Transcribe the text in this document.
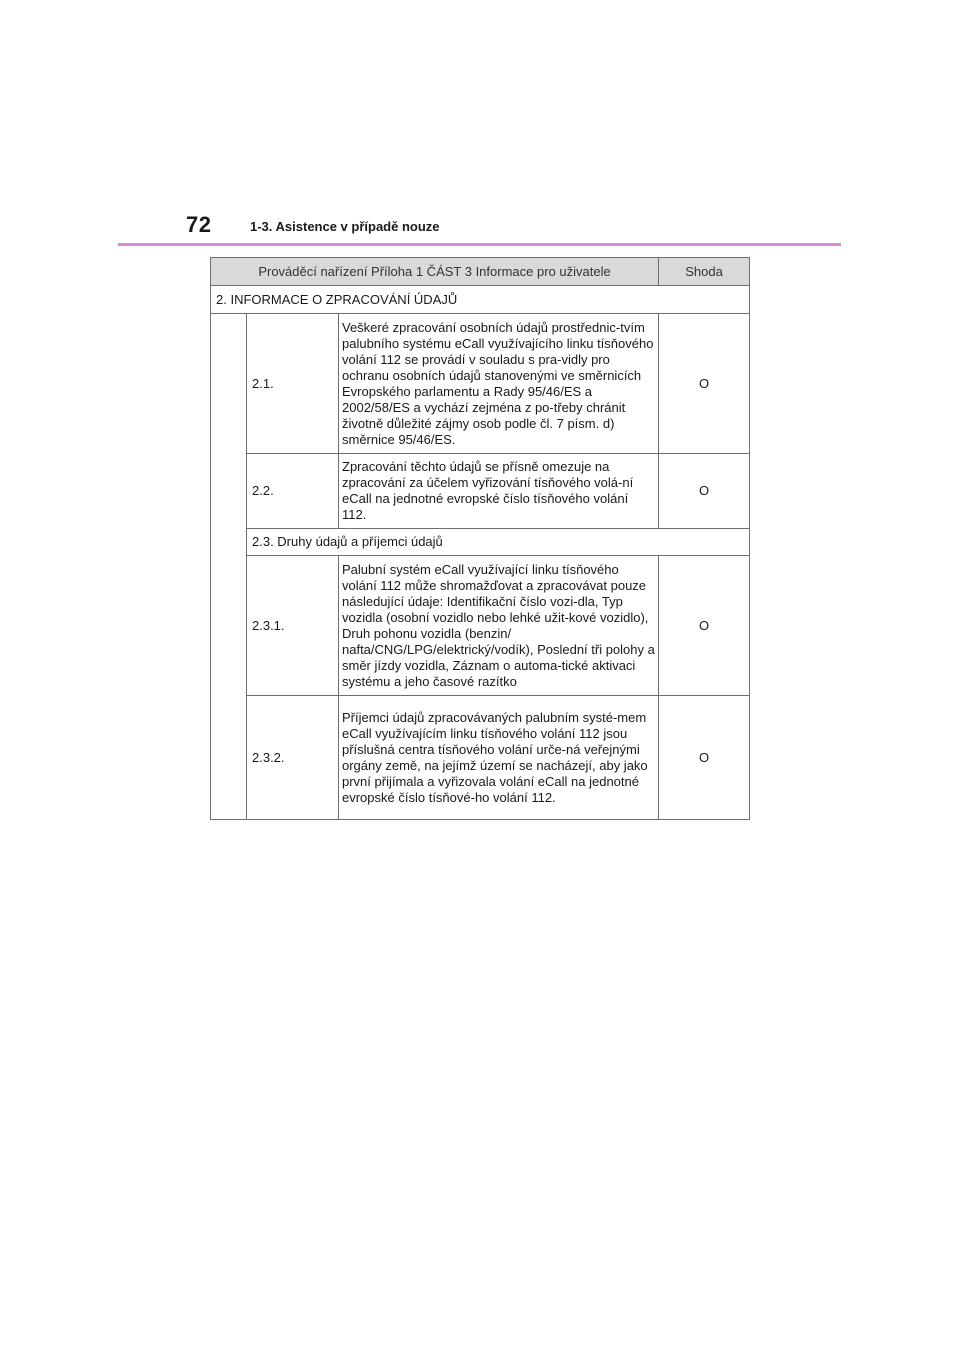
72	1-3. Asistence v případě nouze
Prováděcí nařízení Příloha 1 ČÁST 3 Informace pro uživatele			Shoda
2. INFORMACE O ZPRACOVÁNÍ ÚDAJŮ			
	2.1.	Veškeré zpracování osobních údajů prostřednic-tvím palubního systému eCall využívajícího linku tísňového volání 112 se provádí v souladu s pra-vidly pro ochranu osobních údajů stanovenými ve směrnicích Evropského parlamentu a Rady 95/46/ES a 2002/58/ES a vychází zejména z po-třeby chránit životně důležité zájmy osob podle čl. 7 písm. d) směrnice 95/46/ES.	O
	2.2.	Zpracování těchto údajů se přísně omezuje na zpracování za účelem vyřizování tísňového volá-ní eCall na jednotné evropské číslo tísňového volání 112.	O
	2.3. Druhy údajů a příjemci údajů		
	2.3.1.	Palubní systém eCall využívající linku tísňového volání 112 může shromažďovat a zpracovávat pouze následující údaje: Identifikační číslo vozi-dla, Typ vozidla (osobní vozidlo nebo lehké užit-kové vozidlo), Druh pohonu vozidla (benzin/ nafta/CNG/LPG/elektrický/vodík), Poslední tři polohy a směr jízdy vozidla, Záznam o automa-tické aktivaci systému a jeho časové razítko	O
	2.3.2.	Příjemci údajů zpracovávaných palubním systé-mem eCall využívajícím linku tísňového volání 112 jsou příslušná centra tísňového volání urče-ná veřejnými orgány země, na jejímž území se nacházejí, aby jako první přijímala a vyřizovala volání eCall na jednotné evropské číslo tísňové-ho volání 112.	O
